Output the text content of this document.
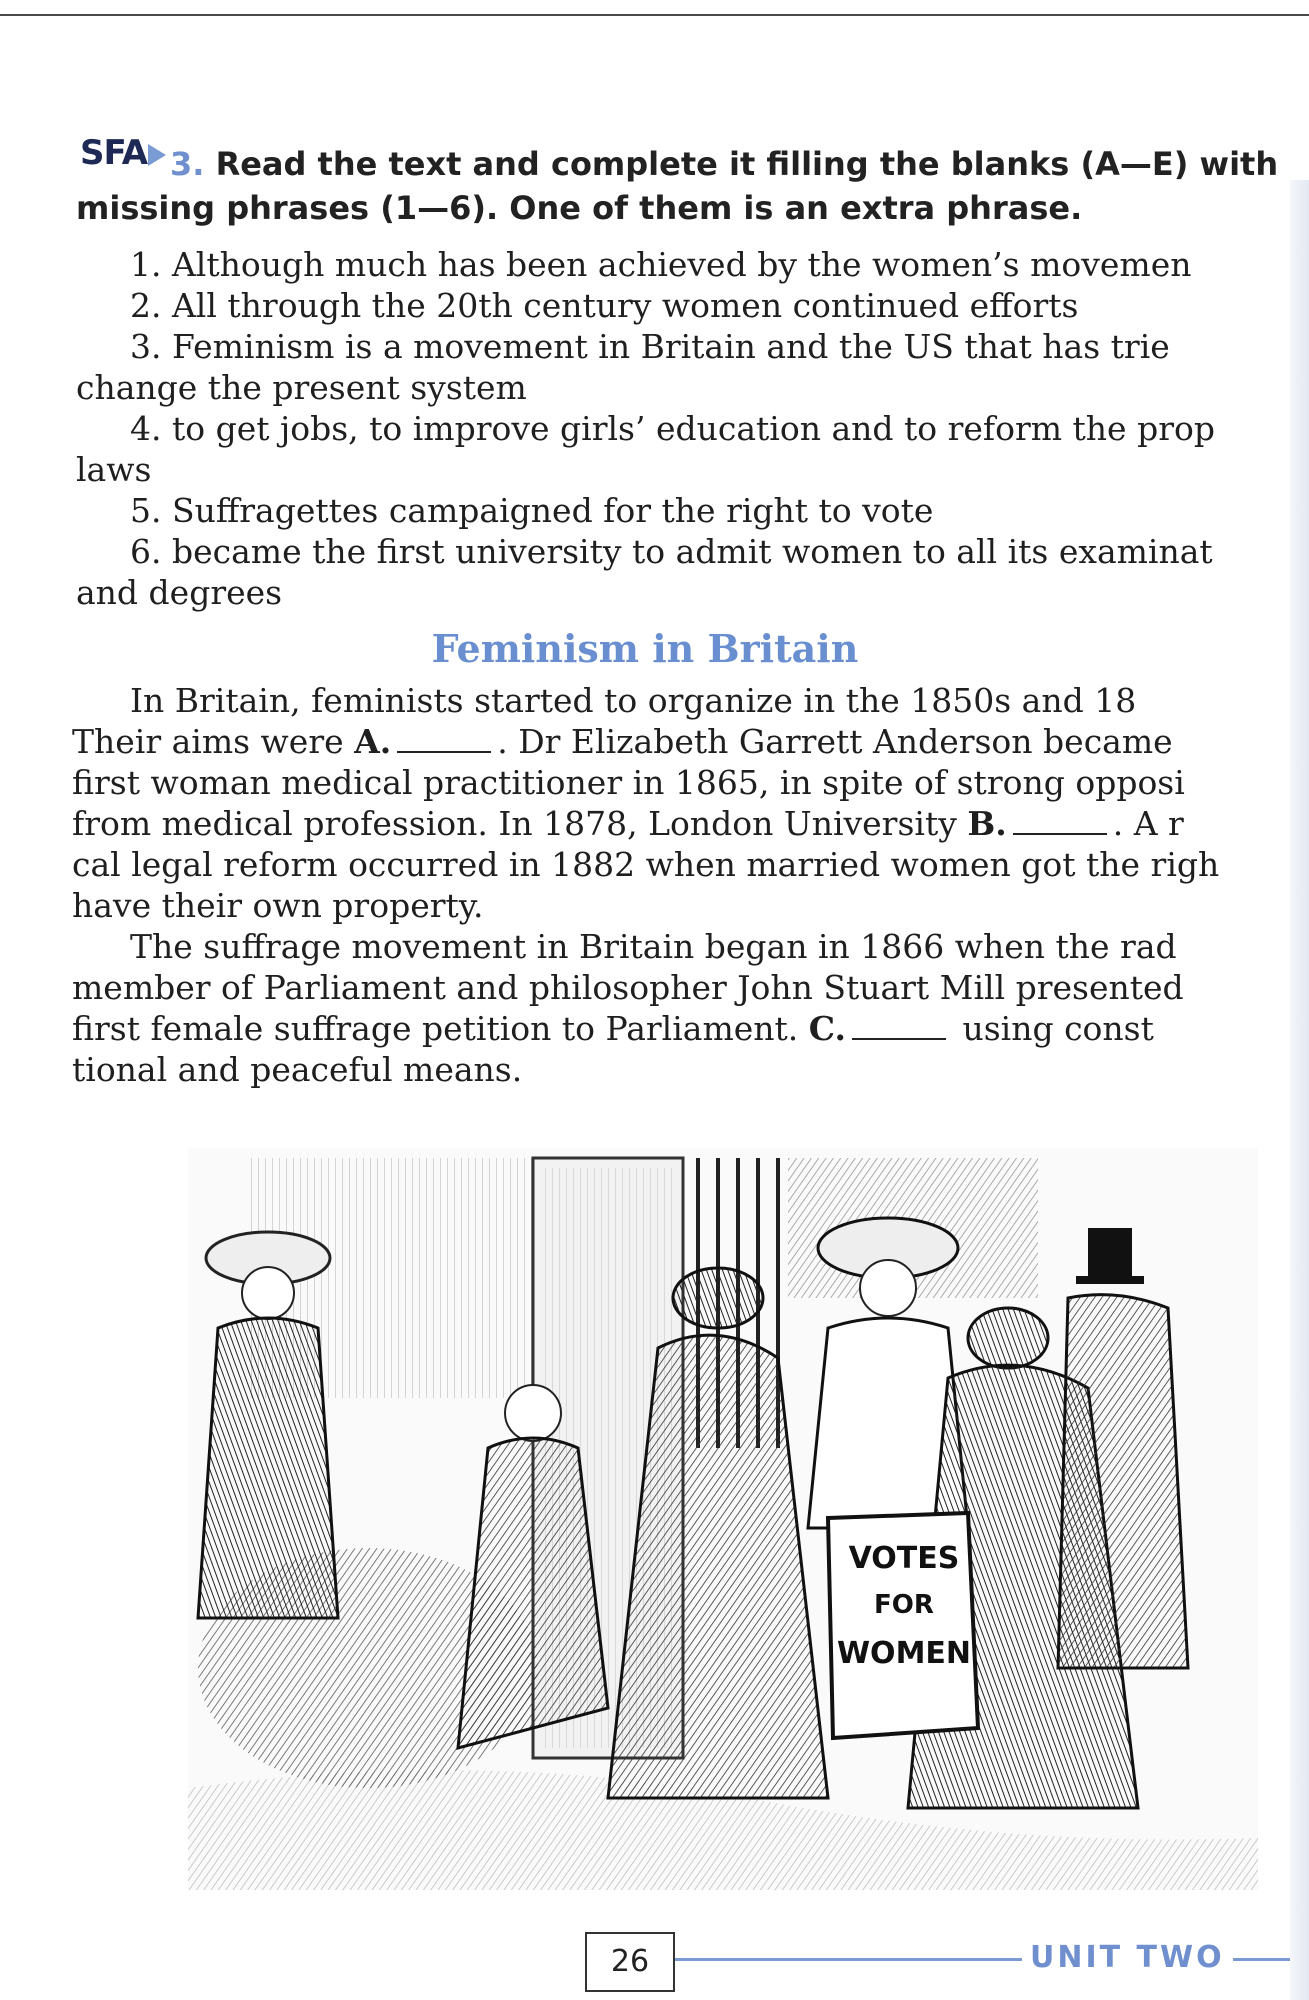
SFA 3. Read the text and complete it filling the blanks (A—E) with
missing phrases (1—6). One of them is an extra phrase.
1. Although much has been achieved by the women’s movemen
2. All through the 20th century women continued efforts
3. Feminism is a movement in Britain and the US that has trie
change the present system
4. to get jobs, to improve girls’ education and to reform the prop
laws
5. Suffragettes campaigned for the right to vote
6. became the first university to admit women to all its examinat
and degrees
Feminism in Britain
In Britain, feminists started to organize in the 1850s and 18
Their aims were A.	. Dr Elizabeth Garrett Anderson became
first woman medical practitioner in 1865, in spite of strong opposi
from medical profession. In 1878, London University B.	. A r
cal legal reform occurred in 1882 when married women got the righ
have their own property.
The suffrage movement in Britain began in 1866 when the rad
member of Parliament and philosopher John Stuart Mill presented
first female suffrage petition to Parliament. C.	using const
tional and peaceful means.
VOTES
FOR
WOMEN
26	UNIT TWO
